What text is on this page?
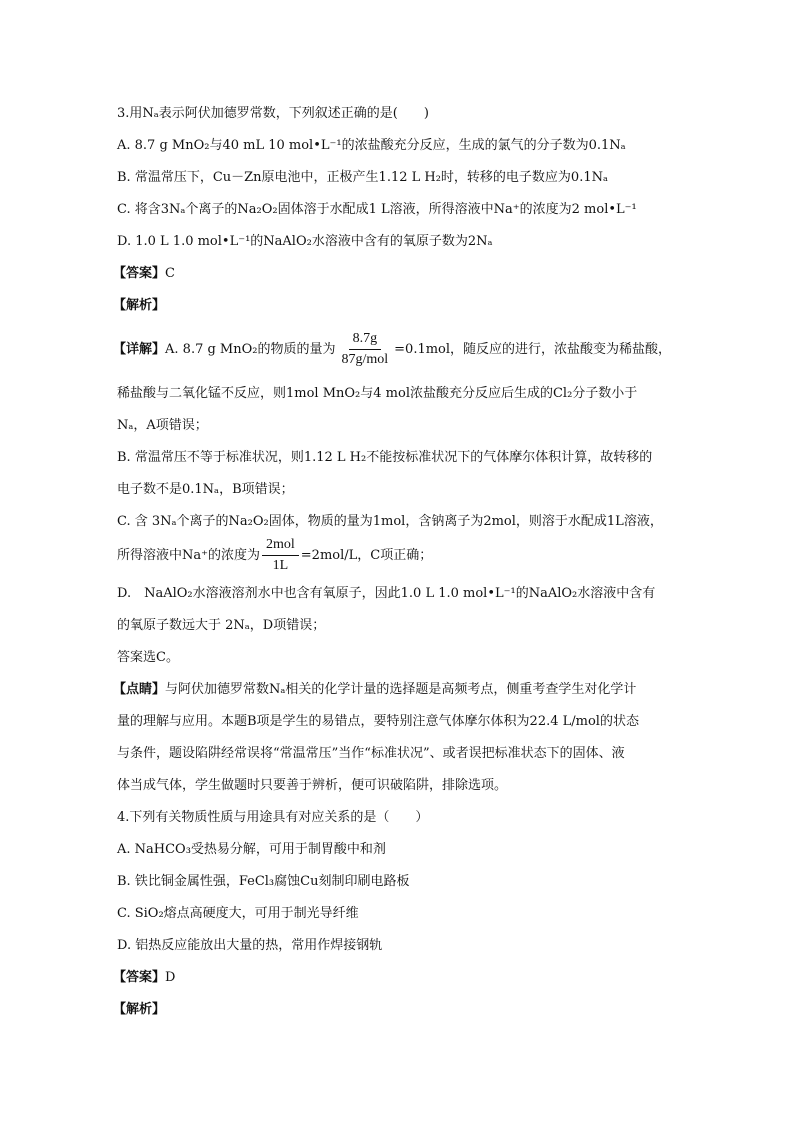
3.用Nₐ表示阿伏加德罗常数，下列叙述正确的是(　　)
A. 8.7 g MnO₂与40 mL 10 mol•L⁻¹的浓盐酸充分反应，生成的氯气的分子数为0.1Nₐ
B. 常温常压下，Cu－Zn原电池中，正极产生1.12 L H₂时，转移的电子数应为0.1Nₐ
C. 将含3Nₐ个离子的Na₂O₂固体溶于水配成1 L溶液，所得溶液中Na⁺的浓度为2 mol•L⁻¹
D. 1.0 L 1.0 mol•L⁻¹的NaAlO₂水溶液中含有的氧原子数为2Nₐ
【答案】C
【解析】
【详解】A. 8.7 g MnO₂的物质的量为 $\frac{8.7g}{\text{87g/mol}} =0.1mol$，随反应的进行，浓盐酸变为稀盐酸，
稀盐酸与二氧化锰不反应，则1mol MnO₂与4 mol浓盐酸充分反应后生成的Cl₂分子数小于
Nₐ，A项错误；
B. 常温常压不等于标准状况，则1.12 L H₂不能按标准状况下的气体摩尔体积计算，故转移的
电子数不是0.1Nₐ，B项错误；
C. 含 3Nₐ个离子的Na₂O₂固体，物质的量为1mol，含钠离子为2mol，则溶于水配成1L溶液，
所得溶液中Na⁺的浓度为 $\frac{\text{2mol}}{1L} =2mol/L$，C项正确；
D.　NaAlO₂水溶液溶剂水中也含有氧原子，因此1.0 L 1.0 mol•L⁻¹的NaAlO₂水溶液中含有
的氧原子数远大于 2Nₐ，D项错误；
答案选C。
【点睛】与阿伏加德罗常数Nₐ相关的化学计量的选择题是高频考点，侧重考查学生对化学计
量的理解与应用。本题B项是学生的易错点，要特别注意气体摩尔体积为22.4 L/mol的状态
与条件，题设陷阱经常误将“常温常压”当作“标准状况”、或者误把标准状态下的固体、液
体当成气体，学生做题时只要善于辨析，便可识破陷阱，排除选项。
4.下列有关物质性质与用途具有对应关系的是（　　）
A. NaHCO₃受热易分解，可用于制胃酸中和剂
B. 铁比铜金属性强，FeCl₃腐蚀Cu刻制印刷电路板
C. SiO₂熔点高硬度大，可用于制光导纤维
D. 铝热反应能放出大量的热，常用作焊接钢轨
【答案】D
【解析】
